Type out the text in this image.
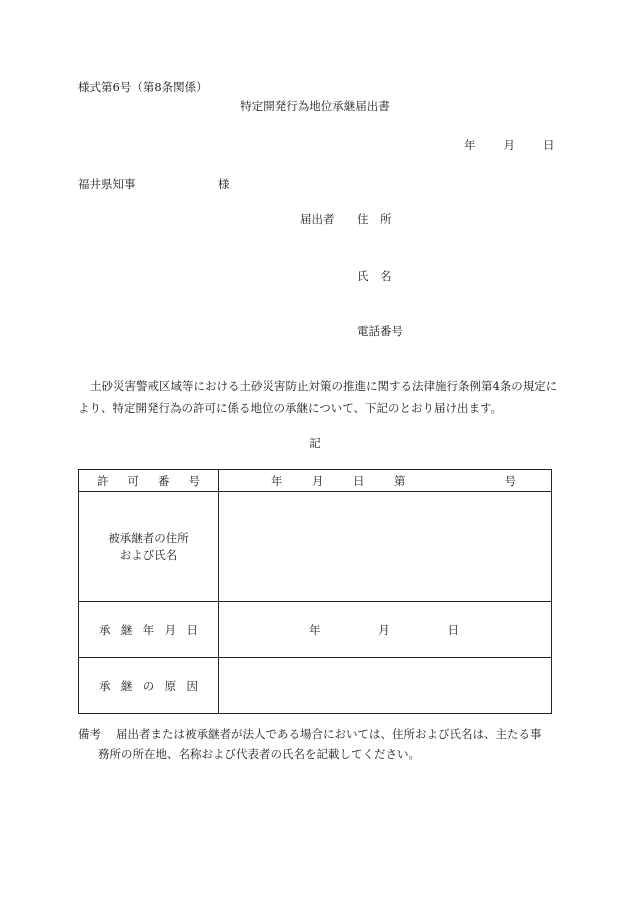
様式第6号（第8条関係）
特定開発行為地位承継届出書
年 月 日
福井県知事	様
届出者 住　所
氏　名
電話番号
土砂災害警戒区域等における土砂災害防止対策の推進に関する法律施行条例第4条の規定により、特定開発行為の許可に係る地位の承継について、下記のとおり届け出ます。
記
許 可 番 号	年 月 日 第 号

被承継者の住所
および氏名	

承 継 年 月 日	年 月 日

承 継 の 原 因	

備考	届出者または被承継者が法人である場合においては、住所および氏名は、主たる事
務所の所在地、名称および代表者の氏名を記載してください。
